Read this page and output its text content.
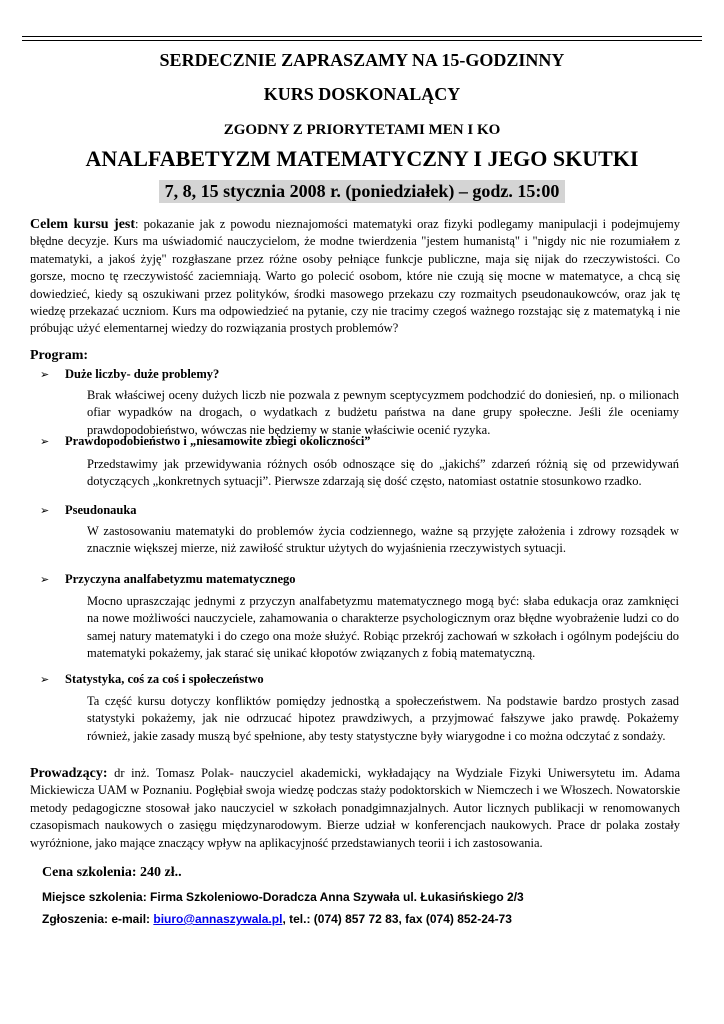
SERDECZNIE ZAPRASZAMY NA 15-GODZINNY
KURS DOSKONALĄCY
ZGODNY Z PRIORYTETAMI MEN I KO
ANALFABETYZM MATEMATYCZNY I JEGO SKUTKI
7, 8, 15 stycznia 2008 r. (poniedziałek) – godz. 15:00
Celem kursu jest: pokazanie jak z powodu nieznajomości matematyki oraz fizyki podlegamy manipulacji i podejmujemy błędne decyzje. Kurs ma uświadomić nauczycielom, że modne twierdzenia "jestem humanistą" i "nigdy nic nie rozumiałem z matematyki, a jakoś żyję" rozgłaszane przez różne osoby pełniące funkcje publiczne, maja się nijak do rzeczywistości. Co gorsze, mocno tę rzeczywistość zaciemniają. Warto go polecić osobom, które nie czują się mocne w matematyce, a chcą się dowiedzieć, kiedy są oszukiwani przez polityków, środki masowego przekazu czy rozmaitych pseudonaukowców, oraz jak tę wiedzę przekazać uczniom. Kurs ma odpowiedzieć na pytanie, czy nie tracimy czegoś ważnego rozstając się z matematyką i nie próbując użyć elementarnej wiedzy do rozwiązania prostych problemów?
Program:
➢ Duże liczby- duże problemy?
Brak właściwej oceny dużych liczb nie pozwala z pewnym sceptycyzmem podchodzić do doniesień, np. o milionach ofiar wypadków na drogach, o wydatkach z budżetu państwa na dane grupy społeczne. Jeśli źle oceniamy prawdopodobieństwo, wówczas nie będziemy w stanie właściwie ocenić ryzyka.
➢ Prawdopodobieństwo i „niesamowite zbiegi okoliczności”
Przedstawimy jak przewidywania różnych osób odnoszące się do „jakichś” zdarzeń różnią się od przewidywań dotyczących „konkretnych sytuacji”. Pierwsze zdarzają się dość często, natomiast ostatnie stosunkowo rzadko.
➢ Pseudonauka
W zastosowaniu matematyki do problemów życia codziennego, ważne są przyjęte założenia i zdrowy rozsądek w znacznie większej mierze, niż zawiłość struktur użytych do wyjaśnienia rzeczywistych sytuacji.
➢ Przyczyna analfabetyzmu matematycznego
Mocno upraszczając jednymi z przyczyn analfabetyzmu matematycznego mogą być: słaba edukacja oraz zamknięci na nowe możliwości nauczyciele, zahamowania o charakterze psychologicznym oraz błędne wyobrażenie ludzi co do samej natury matematyki i do czego ona może służyć. Robiąc przekrój zachowań w szkołach i ogólnym podejściu do matematyki pokażemy, jak starać się unikać kłopotów związanych z fobią matematyczną.
➢ Statystyka, coś za coś i społeczeństwo
Ta część kursu dotyczy konfliktów pomiędzy jednostką a społeczeństwem. Na podstawie bardzo prostych zasad statystyki pokażemy, jak nie odrzucać hipotez prawdziwych, a przyjmować fałszywe jako prawdę. Pokażemy również, jakie zasady muszą być spełnione, aby testy statystyczne były wiarygodne i co można odczytać z sondaży.
Prowadzący: dr inż. Tomasz Polak- nauczyciel akademicki, wykładający na Wydziale Fizyki Uniwersytetu im. Adama Mickiewicza UAM w Poznaniu. Pogłębiał swoja wiedzę podczas staży podoktorskich w Niemczech i we Włoszech. Nowatorskie metody pedagogiczne stosował jako nauczyciel w szkołach ponadgimnazjalnych. Autor licznych publikacji w renomowanych czasopismach naukowych o zasięgu międzynarodowym. Bierze udział w konferencjach naukowych. Prace dr polaka zostały wyróżnione, jako mające znaczący wpływ na aplikacyjność przedstawianych teorii i ich zastosowania.
Cena szkolenia: 240 zł..
Miejsce szkolenia: Firma Szkoleniowo-Doradcza Anna Szywała ul. Łukasińskiego 2/3
Zgłoszenia: e-mail: biuro@annaszywala.pl, tel.: (074) 857 72 83, fax (074) 852-24-73
